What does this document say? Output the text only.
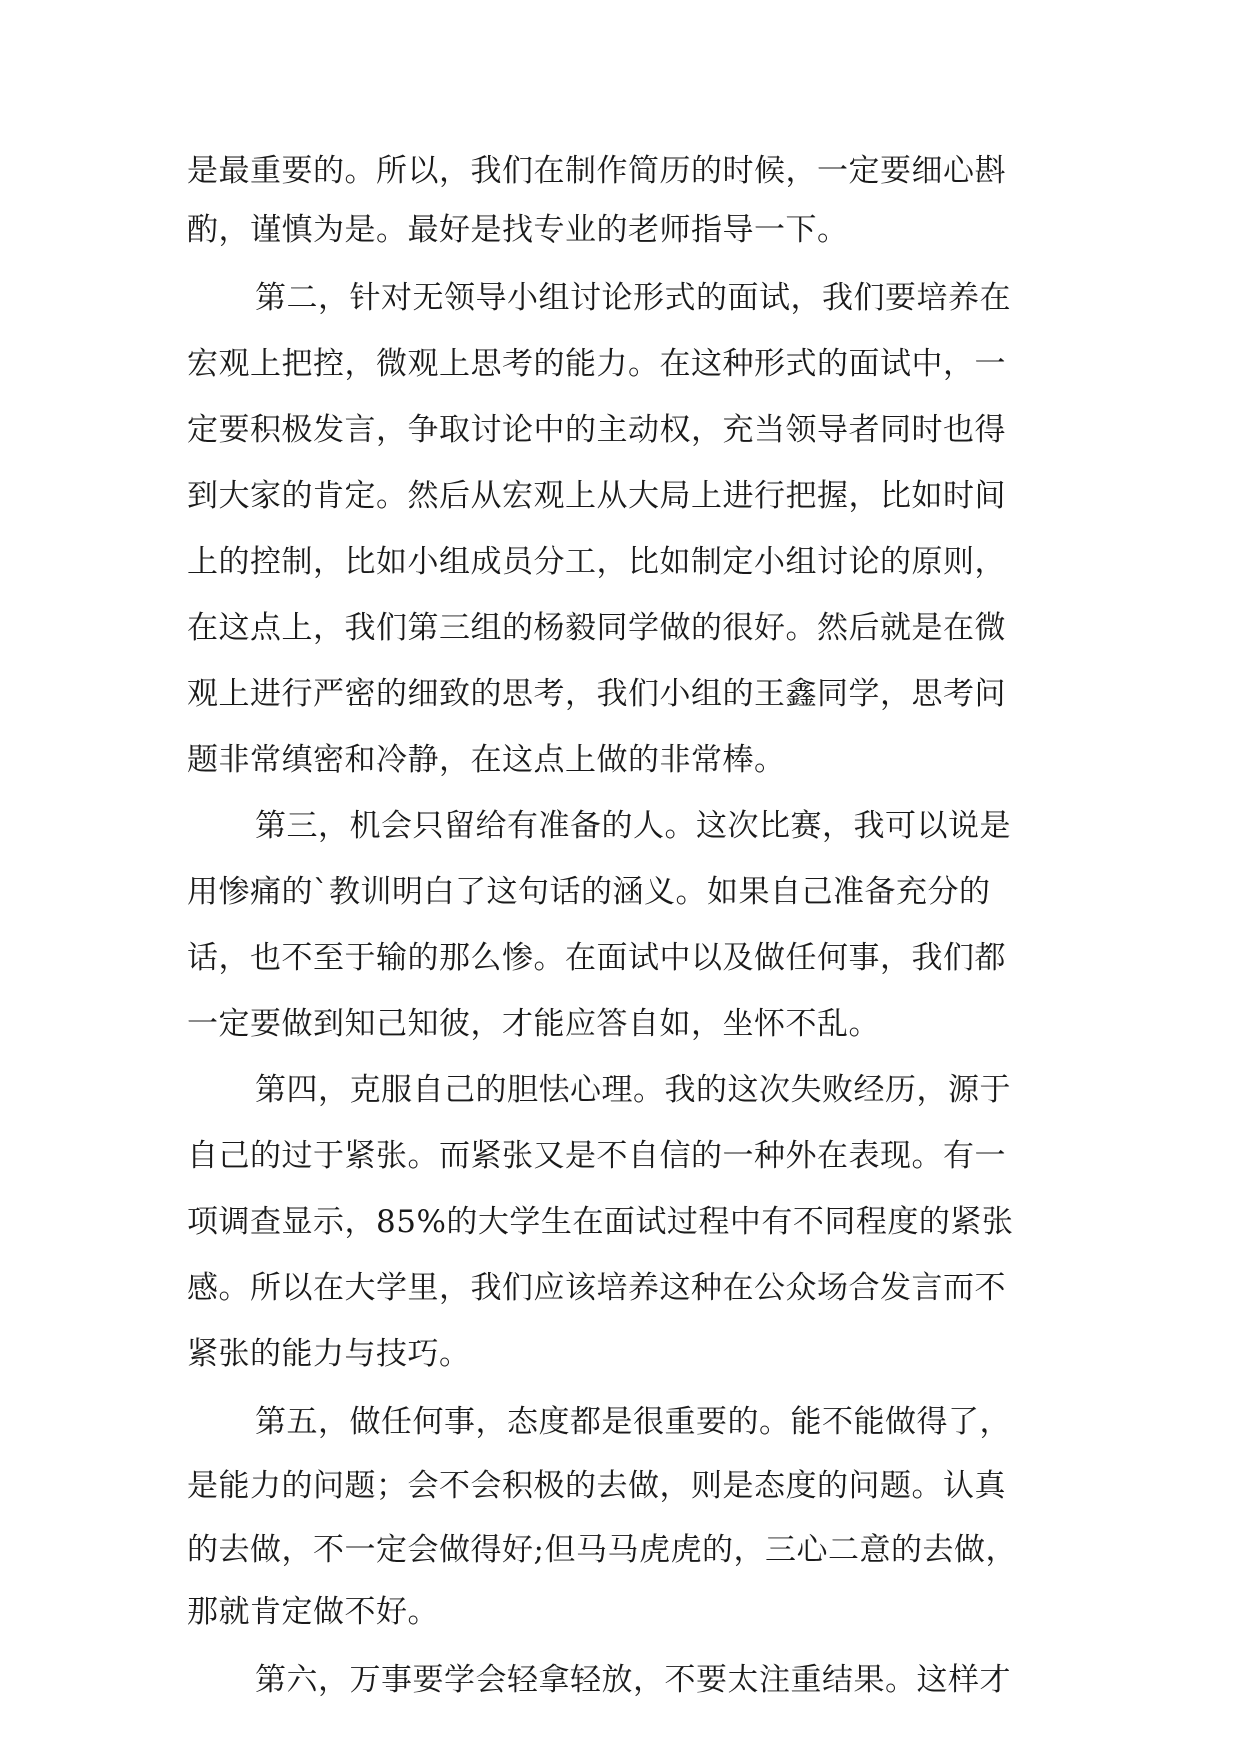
是最重要的。所以，我们在制作简历的时候，一定要细心斟
酌，谨慎为是。最好是找专业的老师指导一下。
第二，针对无领导小组讨论形式的面试，我们要培养在
宏观上把控，微观上思考的能力。在这种形式的面试中，一
定要积极发言，争取讨论中的主动权，充当领导者同时也得
到大家的肯定。然后从宏观上从大局上进行把握，比如时间
上的控制，比如小组成员分工，比如制定小组讨论的原则，
在这点上，我们第三组的杨毅同学做的很好。然后就是在微
观上进行严密的细致的思考，我们小组的王鑫同学，思考问
题非常缜密和冷静，在这点上做的非常棒。
第三，机会只留给有准备的人。这次比赛，我可以说是
用惨痛的`教训明白了这句话的涵义。如果自己准备充分的
话，也不至于输的那么惨。在面试中以及做任何事，我们都
一定要做到知己知彼，才能应答自如，坐怀不乱。
第四，克服自己的胆怯心理。我的这次失败经历，源于
自己的过于紧张。而紧张又是不自信的一种外在表现。有一
项调查显示，85%的大学生在面试过程中有不同程度的紧张
感。所以在大学里，我们应该培养这种在公众场合发言而不
紧张的能力与技巧。
第五，做任何事，态度都是很重要的。能不能做得了，
是能力的问题；会不会积极的去做，则是态度的问题。认真
的去做，不一定会做得好;但马马虎虎的，三心二意的去做，
那就肯定做不好。
第六，万事要学会轻拿轻放，不要太注重结果。这样才
